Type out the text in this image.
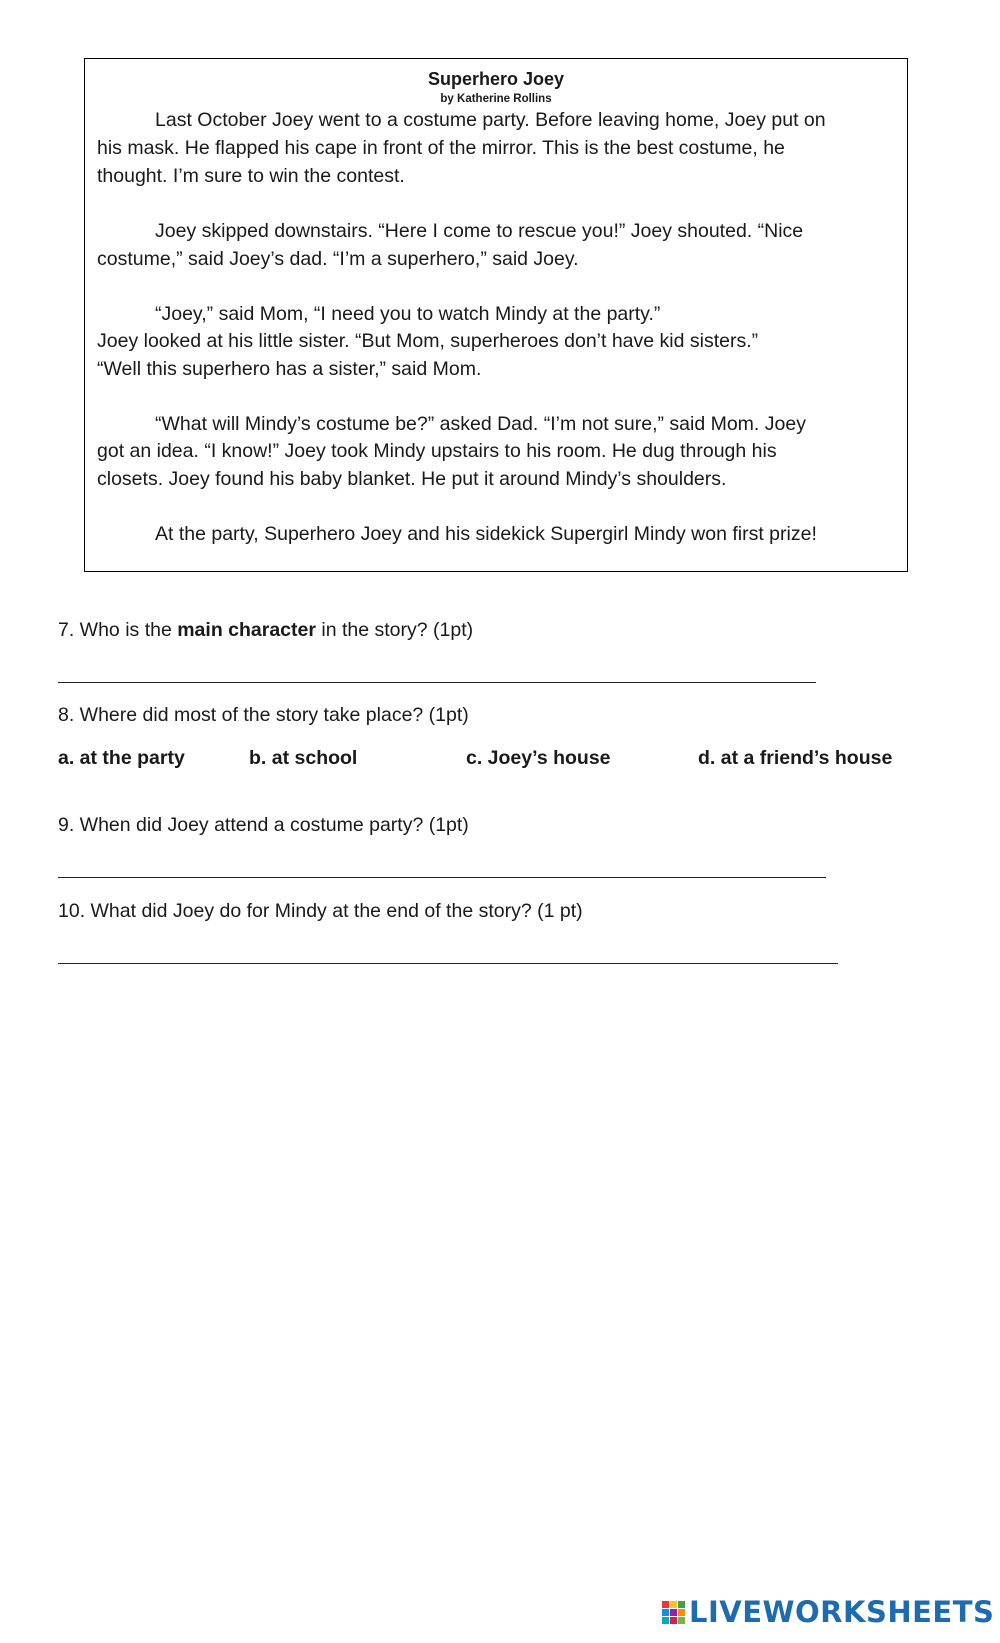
Superhero Joey
by Katherine Rollins
Last October Joey went to a costume party. Before leaving home, Joey put on
his mask. He flapped his cape in front of the mirror. This is the best costume, he
thought. I’m sure to win the contest.
Joey skipped downstairs. “Here I come to rescue you!” Joey shouted. “Nice
costume,” said Joey’s dad. “I’m a superhero,” said Joey.
“Joey,” said Mom, “I need you to watch Mindy at the party.”
Joey looked at his little sister. “But Mom, superheroes don’t have kid sisters.”
“Well this superhero has a sister,” said Mom.
“What will Mindy’s costume be?” asked Dad. “I’m not sure,” said Mom. Joey
got an idea. “I know!” Joey took Mindy upstairs to his room. He dug through his
closets. Joey found his baby blanket. He put it around Mindy’s shoulders.
At the party, Superhero Joey and his sidekick Supergirl Mindy won first prize!
7. Who is the main character in the story? (1pt)
8. Where did most of the story take place? (1pt)
a. at the party	b. at school	c. Joey’s house	d. at a friend’s house
9. When did Joey attend a costume party? (1pt)
10. What did Joey do for Mindy at the end of the story? (1 pt)
LIVEWORKSHEETS
